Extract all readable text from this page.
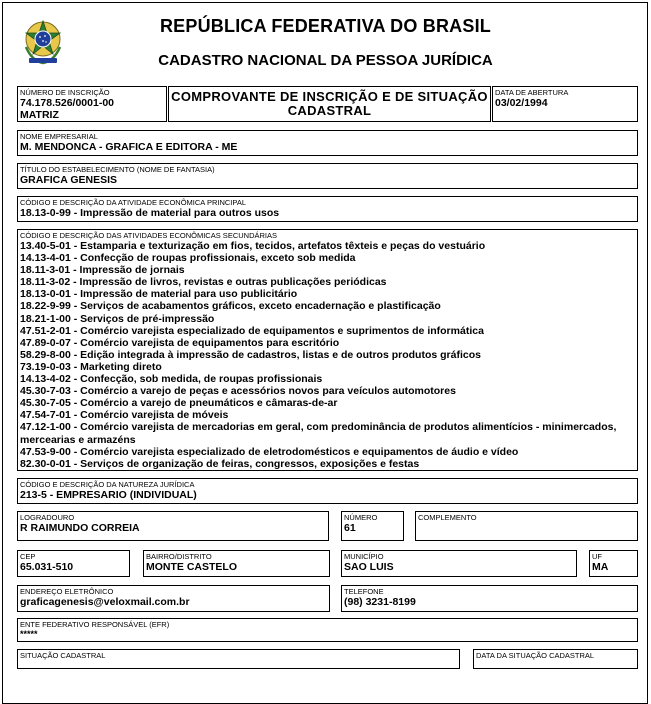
REPÚBLICA FEDERATIVA DO BRASIL
CADASTRO NACIONAL DA PESSOA JURÍDICA
NÚMERO DE INSCRIÇÃO
74.178.526/0001-00
MATRIZ
COMPROVANTE DE INSCRIÇÃO E DE SITUAÇÃO
CADASTRAL
DATA DE ABERTURA
03/02/1994
NOME EMPRESARIAL
M. MENDONCA - GRAFICA E EDITORA - ME
TÍTULO DO ESTABELECIMENTO (NOME DE FANTASIA)
GRAFICA GENESIS
CÓDIGO E DESCRIÇÃO DA ATIVIDADE ECONÔMICA PRINCIPAL
18.13-0-99 - Impressão de material para outros usos
CÓDIGO E DESCRIÇÃO DAS ATIVIDADES ECONÔMICAS SECUNDÁRIAS
13.40-5-01 - Estamparia e texturização em fios, tecidos, artefatos têxteis e peças do vestuário
14.13-4-01 - Confecção de roupas profissionais, exceto sob medida
18.11-3-01 - Impressão de jornais
18.11-3-02 - Impressão de livros, revistas e outras publicações periódicas
18.13-0-01 - Impressão de material para uso publicitário
18.22-9-99 - Serviços de acabamentos gráficos, exceto encadernação e plastificação
18.21-1-00 - Serviços de pré-impressão
47.51-2-01 - Comércio varejista especializado de equipamentos e suprimentos de informática
47.89-0-07 - Comércio varejista de equipamentos para escritório
58.29-8-00 - Edição integrada à impressão de cadastros, listas e de outros produtos gráficos
73.19-0-03 - Marketing direto
14.13-4-02 - Confecção, sob medida, de roupas profissionais
45.30-7-03 - Comércio a varejo de peças e acessórios novos para veículos automotores
45.30-7-05 - Comércio a varejo de pneumáticos e câmaras-de-ar
47.54-7-01 - Comércio varejista de móveis
47.12-1-00 - Comércio varejista de mercadorias em geral, com predominância de produtos alimentícios - minimercados, mercearias e armazéns
47.53-9-00 - Comércio varejista especializado de eletrodomésticos e equipamentos de áudio e vídeo
82.30-0-01 - Serviços de organização de feiras, congressos, exposições e festas
CÓDIGO E DESCRIÇÃO DA NATUREZA JURÍDICA
213-5 - EMPRESARIO (INDIVIDUAL)
LOGRADOURO
R RAIMUNDO CORREIA
NÚMERO
61
COMPLEMENTO
CEP
65.031-510
BAIRRO/DISTRITO
MONTE CASTELO
MUNICÍPIO
SAO LUIS
UF
MA
ENDEREÇO ELETRÔNICO
graficagenesis@veloxmail.com.br
TELEFONE
(98) 3231-8199
ENTE FEDERATIVO RESPONSÁVEL (EFR)
*****
SITUAÇÃO CADASTRAL	DATA DA SITUAÇÃO CADASTRAL
